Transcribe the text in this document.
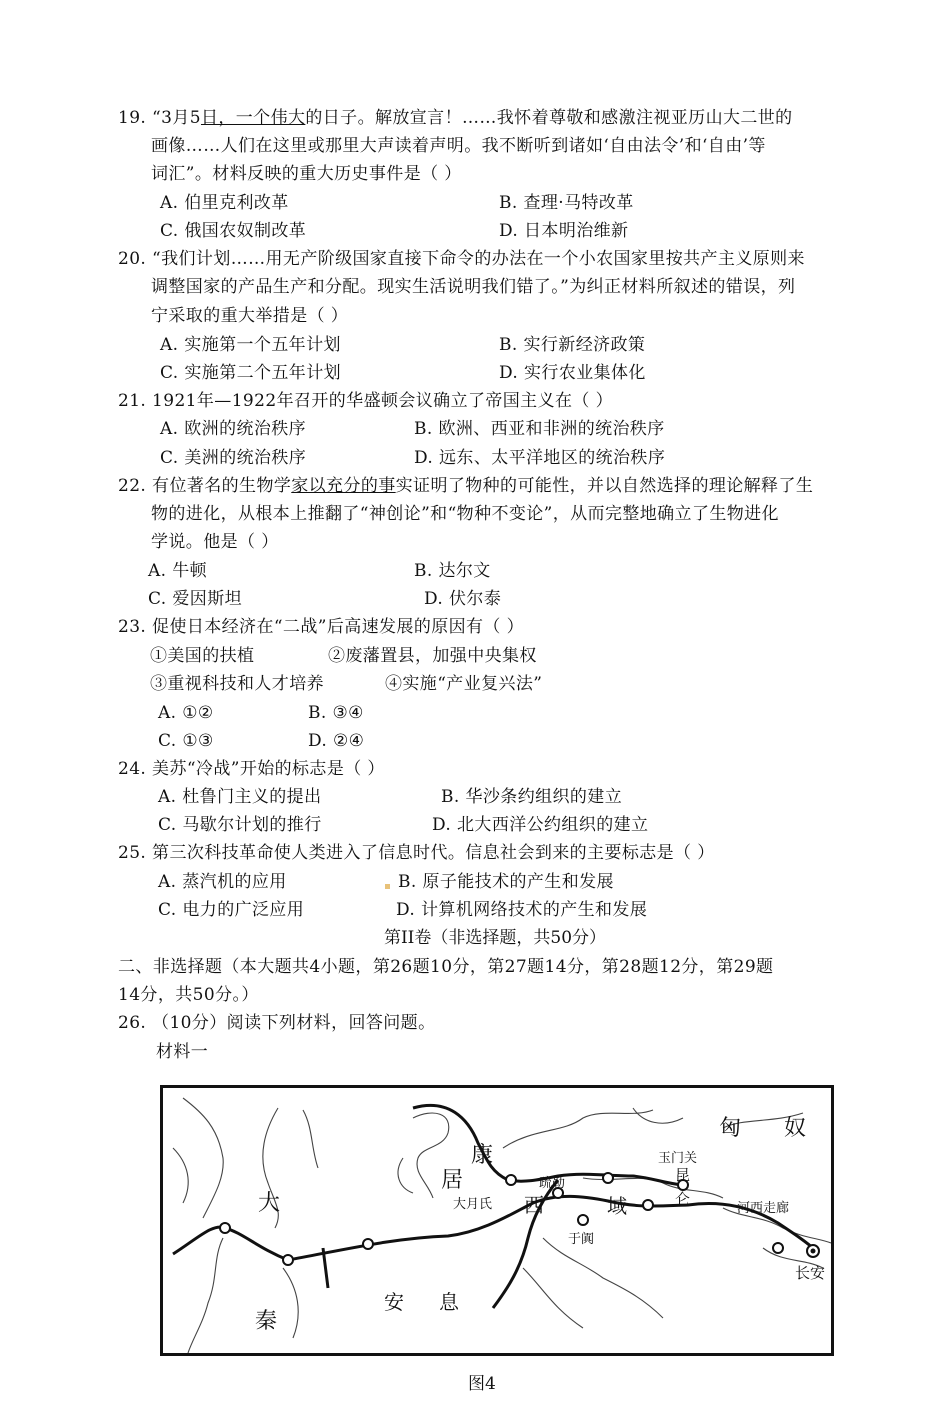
19. “3月5日，一个伟大的日子。解放宣言！……我怀着尊敬和感激注视亚历山大二世的
画像……人们在这里或那里大声读着声明。我不断听到诸如‘自由法令’和‘自由’等
词汇”。材料反映的重大历史事件是（ ）
A. 伯里克利改革	B. 查理·马特改革
C. 俄国农奴制改革	D. 日本明治维新
20. “我们计划……用无产阶级国家直接下命令的办法在一个小农国家里按共产主义原则来
调整国家的产品生产和分配。现实生活说明我们错了。”为纠正材料所叙述的错误，列
宁采取的重大举措是（ ）
A. 实施第一个五年计划	B. 实行新经济政策
C. 实施第二个五年计划	D. 实行农业集体化
21. 1921年—1922年召开的华盛顿会议确立了帝国主义在（ ）
A. 欧洲的统治秩序	B. 欧洲、西亚和非洲的统治秩序
C. 美洲的统治秩序	D. 远东、太平洋地区的统治秩序
22. 有位著名的生物学家以充分的事实证明了物种的可能性，并以自然选择的理论解释了生
物的进化，从根本上推翻了“神创论”和“物种不变论”，从而完整地确立了生物进化
学说。他是（ ）
A. 牛顿	B. 达尔文
C. 爱因斯坦	D. 伏尔泰
23. 促使日本经济在“二战”后高速发展的原因有（ ）
①美国的扶植	②废藩置县，加强中央集权
③重视科技和人才培养	④实施“产业复兴法”
A. ①②	B. ③④
C. ①③	D. ②④
24. 美苏“冷战”开始的标志是（ ）
A. 杜鲁门主义的提出	B. 华沙条约组织的建立
C. 马歇尔计划的推行	D. 北大西洋公约组织的建立
25. 第三次科技革命使人类进入了信息时代。信息社会到来的主要标志是（ ）
A. 蒸汽机的应用	B. 原子能技术的产生和发展
C. 电力的广泛应用	D. 计算机网络技术的产生和发展
第II卷（非选择题，共50分）
二、非选择题（本大题共4小题，第26题10分，第27题14分，第28题12分，第29题
14分，共50分。）
26. （10分）阅读下列材料，回答问题。
材料一
康
匈 奴
玉门关
居	疏勒
大月氏 西	域
昆
仑
河西走廊
大
于阗
长安
秦
安 息
图4
